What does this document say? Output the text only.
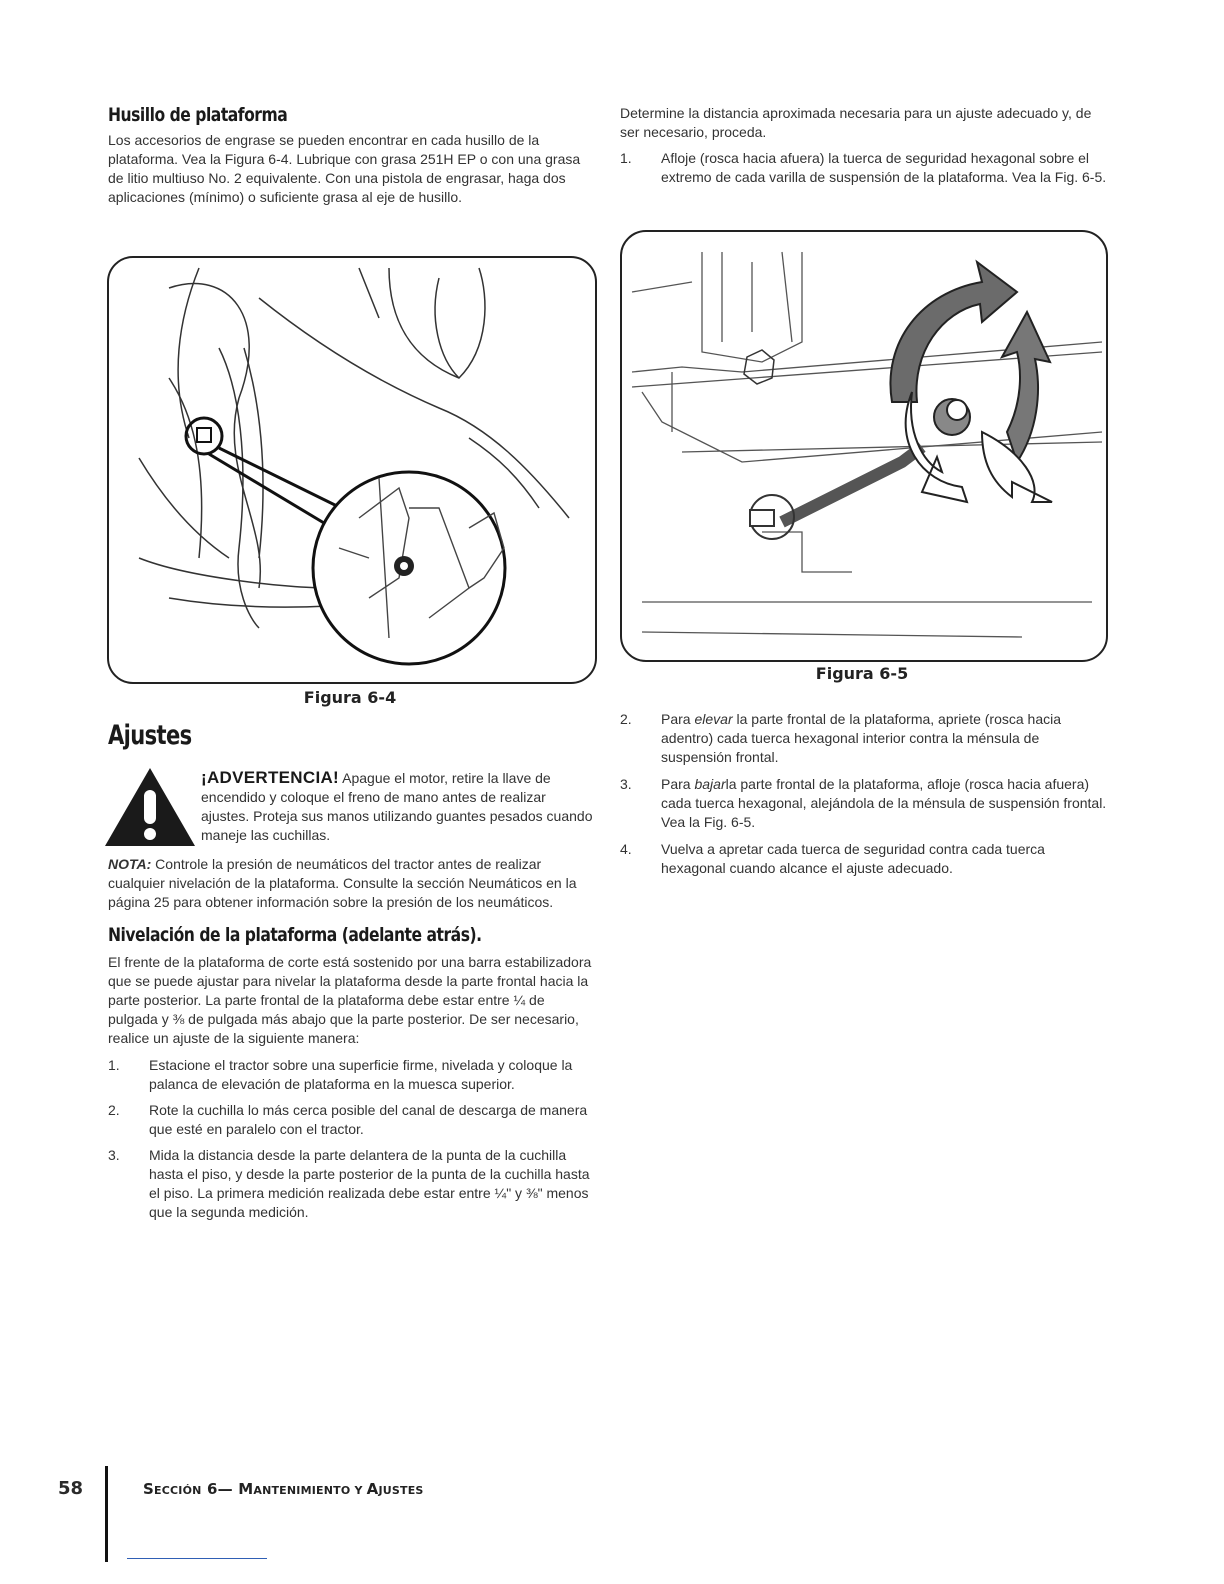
Husillo de plataforma

Los accesorios de engrase se pueden encontrar en cada husillo de la plataforma. Vea la Figura 6-4. Lubrique con grasa 251H EP o con una grasa de litio multiuso No. 2 equivalente. Con una pistola de engrasar, haga dos aplicaciones (mínimo) o suficiente grasa al eje de husillo.

Figura 6-4
Ajustes

¡ADVERTENCIA! Apague el motor, retire la llave de encendido y coloque el freno de mano antes de realizar ajustes. Proteja sus manos utilizando guantes pesados cuando maneje las cuchillas.

NOTA: Controle la presión de neumáticos del tractor antes de realizar cualquier nivelación de la plataforma. Consulte la sección Neumáticos en la página 25 para obtener información sobre la presión de los neumáticos.

Nivelación de la plataforma (adelante atrás).

El frente de la plataforma de corte está sostenido por una barra estabilizadora que se puede ajustar para nivelar la plataforma desde la parte frontal hacia la parte posterior. La parte frontal de la plataforma debe estar entre ¼ de pulgada y ⅜ de pulgada más abajo que la parte posterior. De ser necesario, realice un ajuste de la siguiente manera:

1. Estacione el tractor sobre una superficie firme, nivelada y coloque la palanca de elevación de plataforma en la muesca superior.
2. Rote la cuchilla lo más cerca posible del canal de descarga de manera que esté en paralelo con el tractor.
3. Mida la distancia desde la parte delantera de la punta de la cuchilla hasta el piso, y desde la parte posterior de la punta de la cuchilla hasta el piso. La primera medición realizada debe estar entre ¼" y ⅜" menos que la segunda medición.

Determine la distancia aproximada necesaria para un ajuste adecuado y, de ser necesario, proceda.

1. Afloje (rosca hacia afuera) la tuerca de seguridad hexagonal sobre el extremo de cada varilla de suspensión de la plataforma. Vea la Fig. 6-5.
Figura 6-5
2. Para elevar la parte frontal de la plataforma, apriete (rosca hacia adentro) cada tuerca hexagonal interior contra la ménsula de suspensión frontal.
3. Para bajarla parte frontal de la plataforma, afloje (rosca hacia afuera) cada tuerca hexagonal, alejándola de la ménsula de suspensión frontal.
Vea la Fig. 6-5.
4. Vuelva a apretar cada tuerca de seguridad contra cada tuerca hexagonal cuando alcance el ajuste adecuado.
58	SECCIÓN 6— MANTENIMIENTO Y AJUSTES
